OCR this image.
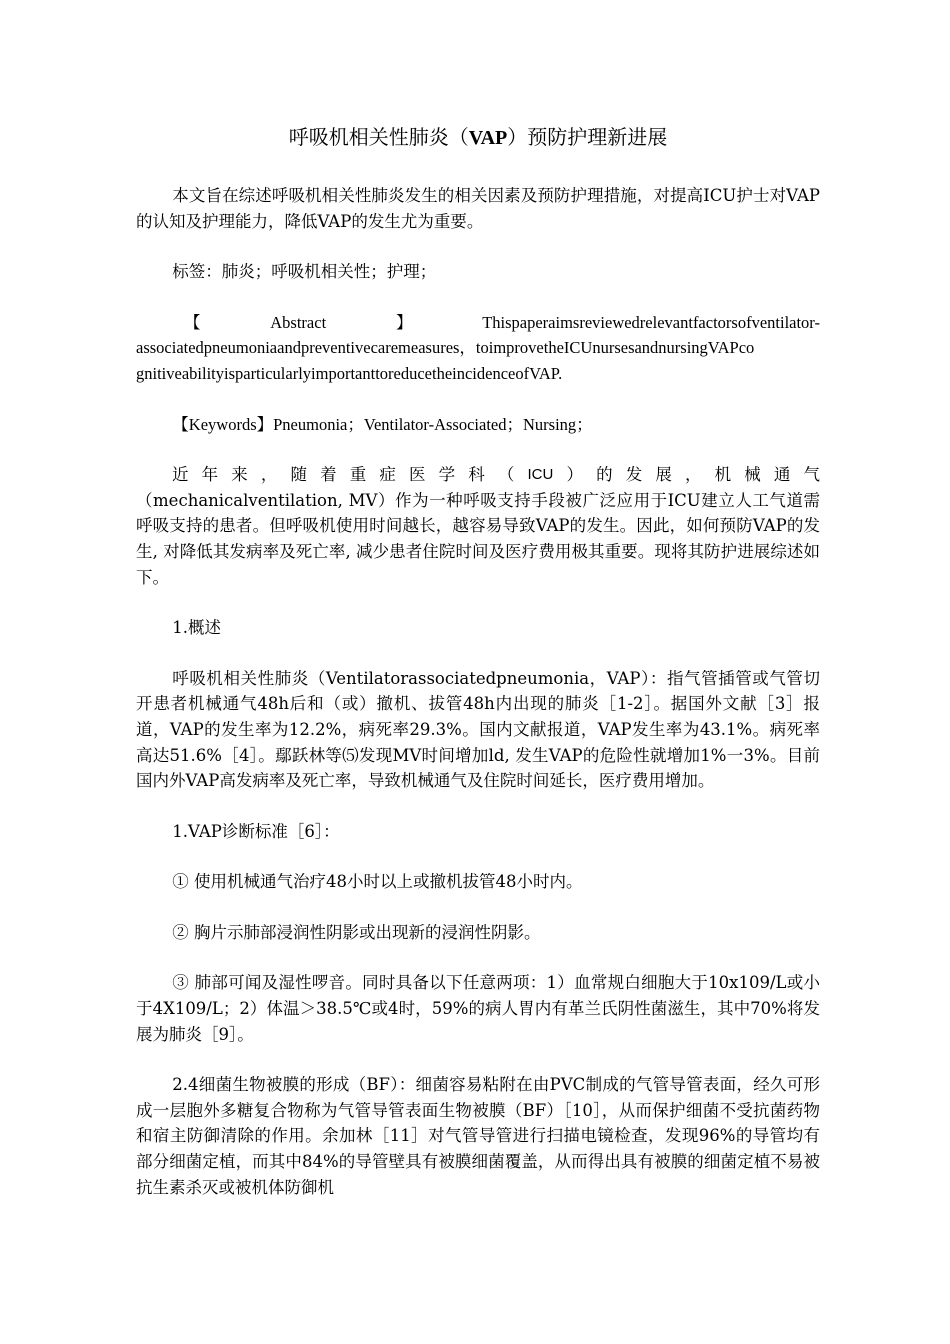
呼吸机相关性肺炎（VAP）预防护理新进展

本文旨在综述呼吸机相关性肺炎发生的相关因素及预防护理措施，对提高ICU护士对VAP的认知及护理能力，降低VAP的发生尤为重要。

标签：肺炎；呼吸机相关性；护理；

【	Abstract	】	Thispaperaimsreviewedrelevantfactorsofventilator-
associatedpneumoniaandpreventivecaremeasures，toimprovetheICUnursesandnursingVAPco
gnitiveabilityisparticularlyimportanttoreducetheincidenceofVAP.

【Keywords】Pneumonia；Ventilator-Associated；Nursing；

近 年 来 ， 随 着 重 症 医 学 科 （ ICU ） 的 发 展 ， 机 械 通 气
（mechanicalventilation, MV）作为一种呼吸支持手段被广泛应用于ICU建立人工气道需呼吸支持的患者。但呼吸机使用时间越长，越容易导致VAP的发生。因此，如何预防VAP的发生, 对降低其发病率及死亡率, 减少患者住院时间及医疗费用极其重要。现将其防护进展综述如下。

1.概述

呼吸机相关性肺炎（Ventilatorassociatedpneumonia，VAP）：指气管插管或气管切开患者机械通气48h后和（或）撤机、拔管48h内出现的肺炎［1-2］。据国外文献［3］报道，VAP的发生率为12.2%，病死率29.3%。国内文献报道，VAP发生率为43.1%。病死率高达51.6%［4］。鄢跃林等⑸发现MV时间增加ld, 发生VAP的危险性就增加1%一3%。目前国内外VAP高发病率及死亡率，导致机械通气及住院时间延长，医疗费用增加。

1.VAP诊断标准［6］：

① 使用机械通气治疗48小时以上或撤机拔管48小时内。

② 胸片示肺部浸润性阴影或出现新的浸润性阴影。

③ 肺部可闻及湿性啰音。同时具备以下任意两项：1）血常规白细胞大于10x109/L或小于4X109/L；2）体温＞38.5℃或4时，59%的病人胃内有革兰氏阴性菌滋生，其中70%将发展为肺炎［9］。

2.4细菌生物被膜的形成（BF）：细菌容易粘附在由PVC制成的气管导管表面，经久可形成一层胞外多糖复合物称为气管导管表面生物被膜（BF）［10］，从而保护细菌不受抗菌药物和宿主防御清除的作用。余加林［11］对气管导管进行扫描电镜检查，发现96%的导管均有部分细菌定植，而其中84%的导管壁具有被膜细菌覆盖，从而得出具有被膜的细菌定植不易被抗生素杀灭或被机体防御机
